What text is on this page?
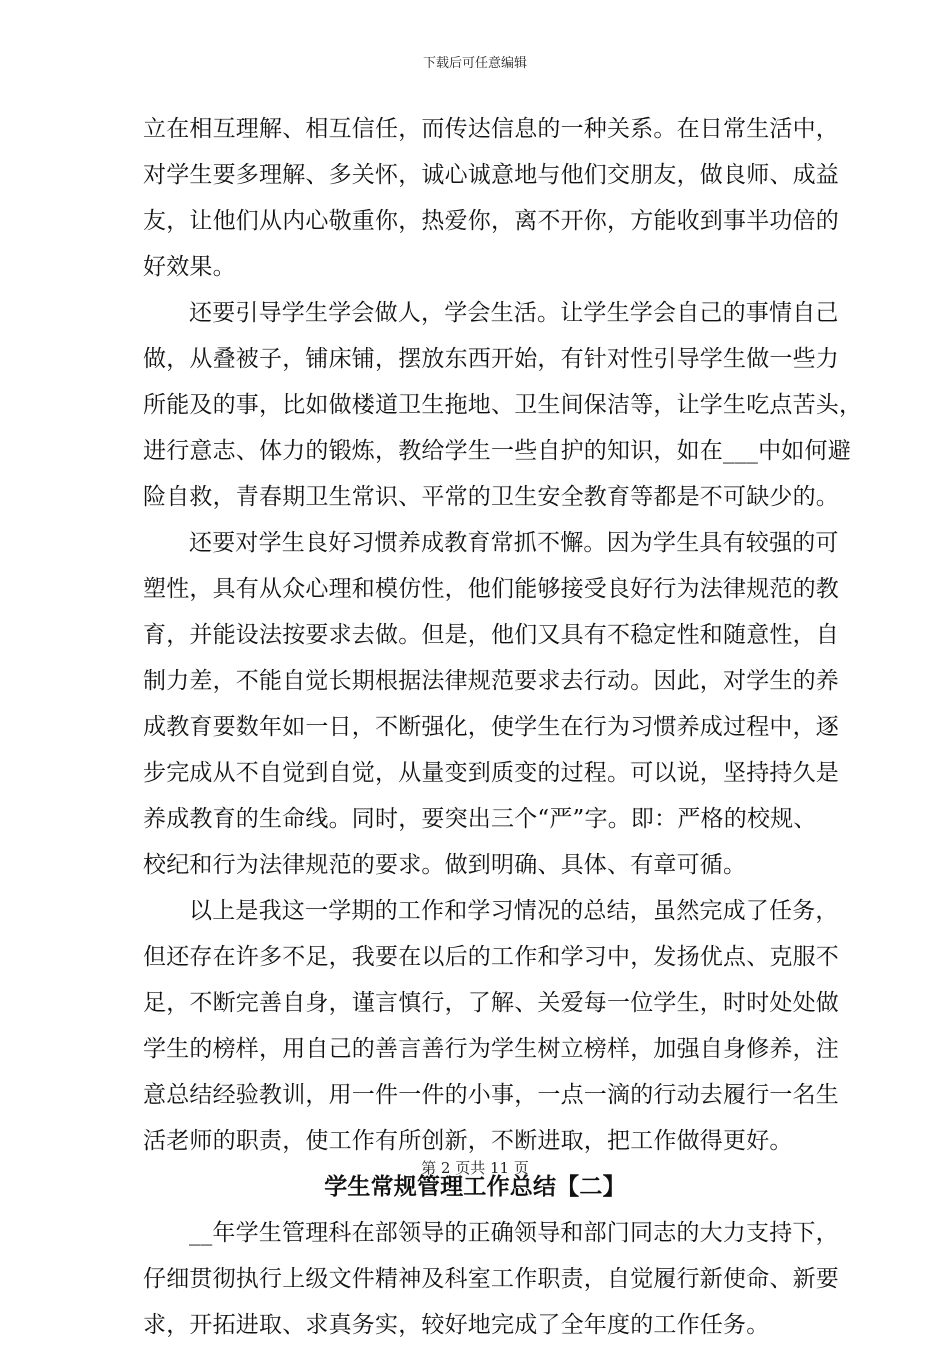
下载后可任意编辑
立在相互理解、相互信任，而传达信息的一种关系。在日常生活中，
对学生要多理解、多关怀，诚心诚意地与他们交朋友，做良师、成益
友，让他们从内心敬重你，热爱你，离不开你，方能收到事半功倍的
好效果。
还要引导学生学会做人，学会生活。让学生学会自己的事情自己
做，从叠被子，铺床铺，摆放东西开始，有针对性引导学生做一些力
所能及的事，比如做楼道卫生拖地、卫生间保洁等，让学生吃点苦头，
进行意志、体力的锻炼，教给学生一些自护的知识，如在___中如何避
险自救，青春期卫生常识、平常的卫生安全教育等都是不可缺少的。
还要对学生良好习惯养成教育常抓不懈。因为学生具有较强的可
塑性，具有从众心理和模仿性，他们能够接受良好行为法律规范的教
育，并能设法按要求去做。但是，他们又具有不稳定性和随意性，自
制力差，不能自觉长期根据法律规范要求去行动。因此，对学生的养
成教育要数年如一日，不断强化，使学生在行为习惯养成过程中，逐
步完成从不自觉到自觉，从量变到质变的过程。可以说，坚持持久是
养成教育的生命线。同时，要突出三个“严”字。即：严格的校规、
校纪和行为法律规范的要求。做到明确、具体、有章可循。
以上是我这一学期的工作和学习情况的总结，虽然完成了任务，
但还存在许多不足，我要在以后的工作和学习中，发扬优点、克服不
足，不断完善自身，谨言慎行，了解、关爱每一位学生，时时处处做
学生的榜样，用自己的善言善行为学生树立榜样，加强自身修养，注
意总结经验教训，用一件一件的小事，一点一滴的行动去履行一名生
活老师的职责，使工作有所创新，不断进取，把工作做得更好。
学生常规管理工作总结【二】
__年学生管理科在部领导的正确领导和部门同志的大力支持下，
仔细贯彻执行上级文件精神及科室工作职责，自觉履行新使命、新要
求，开拓进取、求真务实，较好地完成了全年度的工作任务。
第 2 页共 11 页
